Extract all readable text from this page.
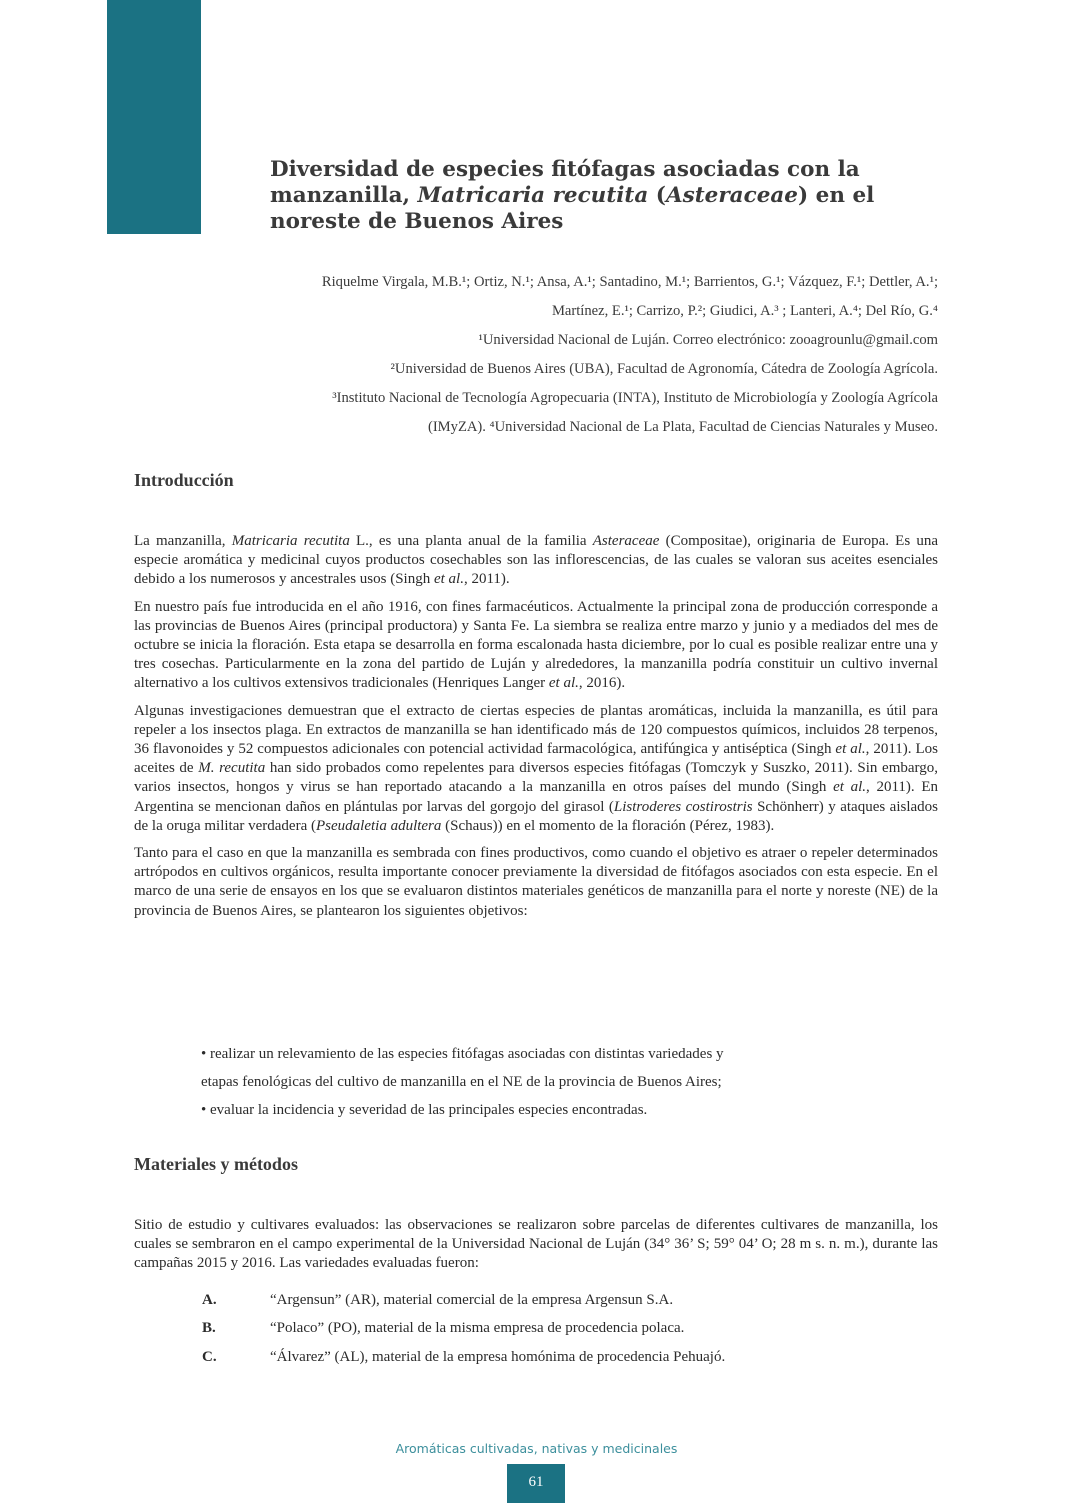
Diversidad de especies fitófagas asociadas con la manzanilla, Matricaria recutita (Asteraceae) en el noreste de Buenos Aires
Riquelme Virgala, M.B.¹; Ortiz, N.¹; Ansa, A.¹; Santadino, M.¹; Barrientos, G.¹; Vázquez, F.¹; Dettler, A.¹;
Martínez, E.¹; Carrizo, P.²; Giudici, A.³ ; Lanteri, A.⁴; Del Río, G.⁴
¹Universidad Nacional de Luján. Correo electrónico: zooagrounlu@gmail.com
²Universidad de Buenos Aires (UBA), Facultad de Agronomía, Cátedra de Zoología Agrícola.
³Instituto Nacional de Tecnología Agropecuaria (INTA), Instituto de Microbiología y Zoología Agrícola
(IMyZA). ⁴Universidad Nacional de La Plata, Facultad de Ciencias Naturales y Museo.
Introducción

La manzanilla, Matricaria recutita L., es una planta anual de la familia Asteraceae (Compositae), originaria de Europa. Es una especie aromática y medicinal cuyos productos cosechables son las inflorescencias, de las cuales se valoran sus aceites esenciales debido a los numerosos y ancestrales usos (Singh et al., 2011).

En nuestro país fue introducida en el año 1916, con fines farmacéuticos. Actualmente la principal zona de producción corresponde a las provincias de Buenos Aires (principal productora) y Santa Fe. La siembra se realiza entre marzo y junio y a mediados del mes de octubre se inicia la floración. Esta etapa se desarrolla en forma escalonada hasta diciembre, por lo cual es posible realizar entre una y tres cosechas. Particularmente en la zona del partido de Luján y alrededores, la manzanilla podría constituir un cultivo invernal alternativo a los cultivos extensivos tradicionales (Henriques Langer et al., 2016).

Algunas investigaciones demuestran que el extracto de ciertas especies de plantas aromáticas, incluida la manzanilla, es útil para repeler a los insectos plaga. En extractos de manzanilla se han identificado más de 120 compuestos químicos, incluidos 28 terpenos, 36 flavonoides y 52 compuestos adicionales con potencial actividad farmacológica, antifúngica y antiséptica (Singh et al., 2011). Los aceites de M. recutita han sido probados como repelentes para diversos especies fitófagas (Tomczyk y Suszko, 2011). Sin embargo, varios insectos, hongos y virus se han reportado atacando a la manzanilla en otros países del mundo (Singh et al., 2011). En Argentina se mencionan daños en plántulas por larvas del gorgojo del girasol (Listroderes costirostris Schönherr) y ataques aislados de la oruga militar verdadera (Pseudaletia adultera (Schaus)) en el momento de la floración (Pérez, 1983).

Tanto para el caso en que la manzanilla es sembrada con fines productivos, como cuando el objetivo es atraer o repeler determinados artrópodos en cultivos orgánicos, resulta importante conocer previamente la diversidad de fitófagos asociados con esta especie. En el marco de una serie de ensayos en los que se evaluaron distintos materiales genéticos de manzanilla para el norte y noreste (NE) de la provincia de Buenos Aires, se plantearon los siguientes objetivos:

• realizar un relevamiento de las especies fitófagas asociadas con distintas variedades y
etapas fenológicas del cultivo de manzanilla en el NE de la provincia de Buenos Aires;
• evaluar la incidencia y severidad de las principales especies encontradas.
Materiales y métodos

Sitio de estudio y cultivares evaluados: las observaciones se realizaron sobre parcelas de diferentes cultivares de manzanilla, los cuales se sembraron en el campo experimental de la Universidad Nacional de Luján (34° 36’ S; 59° 04’ O; 28 m s. n. m.), durante las campañas 2015 y 2016. Las variedades evaluadas fueron:

A.	“Argensun” (AR), material comercial de la empresa Argensun S.A.
B.	“Polaco” (PO), material de la misma empresa de procedencia polaca.
C.	“Álvarez” (AL), material de la empresa homónima de procedencia Pehuajó.
Aromáticas cultivadas, nativas y medicinales
61
